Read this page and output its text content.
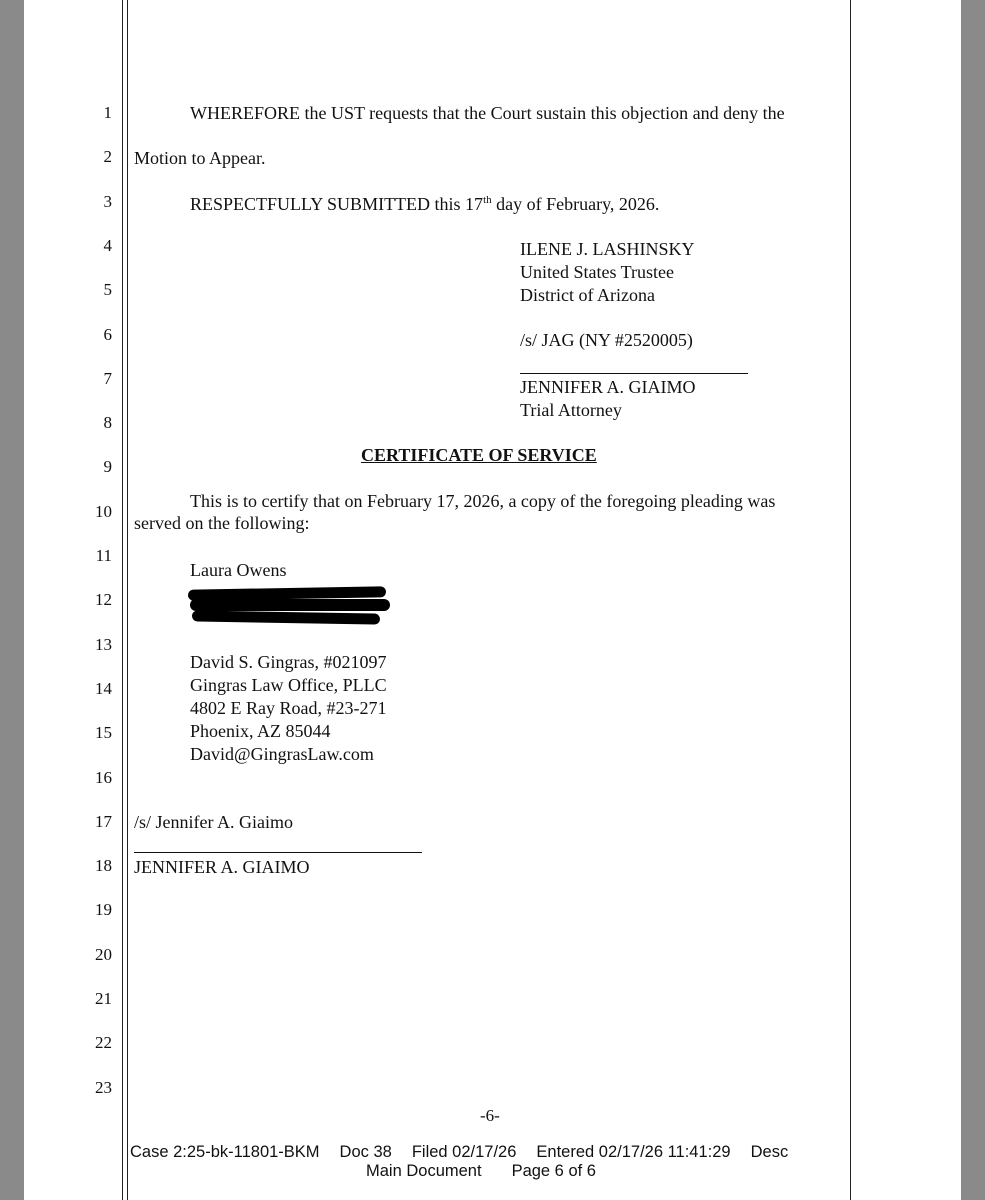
1
2
3
4
5
6
7
8
9
10
11
12
13
14
15
16
17
18
19
20
21
22
23
WHEREFORE the UST requests that the Court sustain this objection and deny the
Motion to Appear.
RESPECTFULLY SUBMITTED this 17th day of February, 2026.
ILENE J. LASHINSKY
United States Trustee
District of Arizona
/s/ JAG (NY #2520005)
JENNIFER A. GIAIMO
Trial Attorney
CERTIFICATE OF SERVICE
This is to certify that on February 17, 2026, a copy of the foregoing pleading was
served on the following:
Laura Owens
David S. Gingras, #021097
Gingras Law Office, PLLC
4802 E Ray Road, #23-271
Phoenix, AZ 85044
David@GingrasLaw.com
/s/ Jennifer A. Giaimo
JENNIFER A. GIAIMO
-6-
Case 2:25-bk-11801-BKM Doc 38 Filed 02/17/26 Entered 02/17/26 11:41:29 Desc
Main Document Page 6 of 6
